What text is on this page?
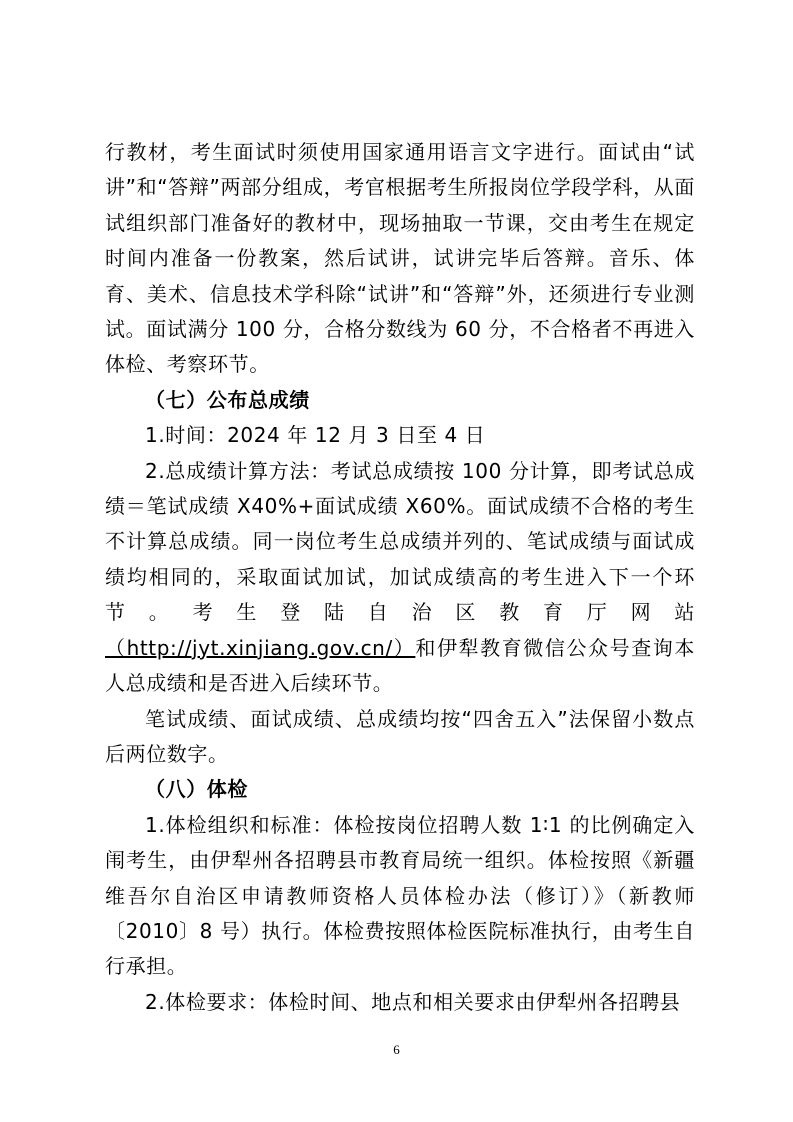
行教材，考生面试时须使用国家通用语言文字进行。面试由“试讲”和“答辩”两部分组成，考官根据考生所报岗位学段学科，从面试组织部门准备好的教材中，现场抽取一节课，交由考生在规定时间内准备一份教案，然后试讲，试讲完毕后答辩。音乐、体育、美术、信息技术学科除“试讲”和“答辩”外，还须进行专业测试。面试满分 100 分，合格分数线为 60 分，不合格者不再进入体检、考察环节。

（七）公布总成绩

1.时间：2024 年 12 月 3 日至 4 日

2.总成绩计算方法：考试总成绩按 100 分计算，即考试总成绩＝笔试成绩 X40%+面试成绩 X60%。面试成绩不合格的考生不计算总成绩。同一岗位考生总成绩并列的、笔试成绩与面试成绩均相同的，采取面试加试，加试成绩高的考生进入下一个环节。考生登陆自治区教育厅网站（http://jyt.xinjiang.gov.cn/）和伊犁教育微信公众号查询本人总成绩和是否进入后续环节。

笔试成绩、面试成绩、总成绩均按“四舍五入”法保留小数点后两位数字。

（八）体检

1.体检组织和标准：体检按岗位招聘人数 1∶1 的比例确定入闱考生，由伊犁州各招聘县市教育局统一组织。体检按照《新疆维吾尔自治区申请教师资格人员体检办法（修订）》（新教师〔2010〕8 号）执行。体检费按照体检医院标准执行，由考生自行承担。

2.体检要求：体检时间、地点和相关要求由伊犁州各招聘县

6
